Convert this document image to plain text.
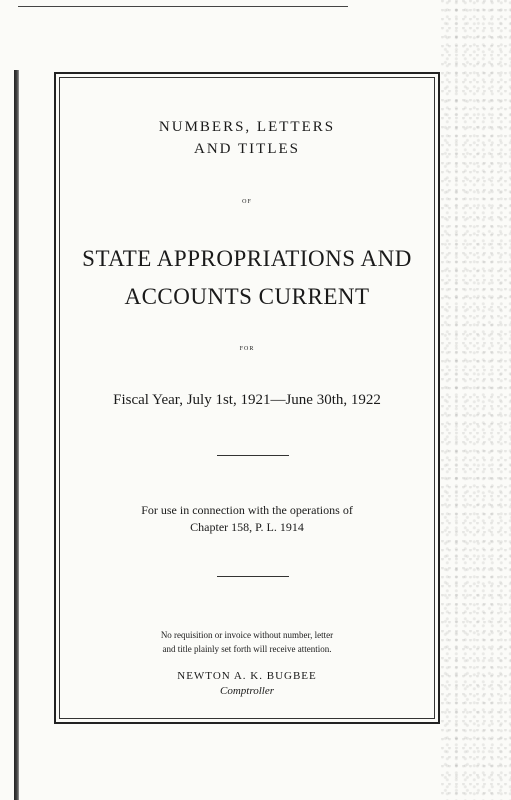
NUMBERS, LETTERS
AND TITLES
OF
STATE APPROPRIATIONS AND
ACCOUNTS CURRENT
FOR
Fiscal Year, July 1st, 1921—June 30th, 1922
For use in connection with the operations of
Chapter 158, P. L. 1914
No requisition or invoice without number, letter
and title plainly set forth will receive attention.
NEWTON A. K. BUGBEE
Comptroller
